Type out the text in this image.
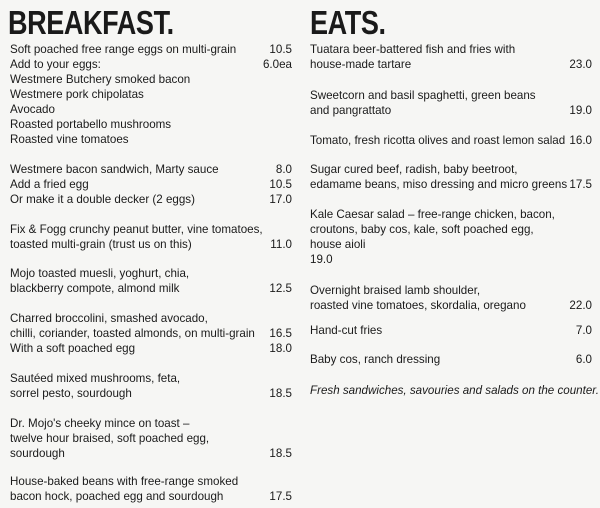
BREAKFAST.
Soft poached free range eggs on multi-grain	10.5
Add to your eggs:	6.0ea
Westmere Butchery smoked bacon
Westmere pork chipolatas
Avocado
Roasted portabello mushrooms
Roasted vine tomatoes
Westmere bacon sandwich, Marty sauce	8.0
Add a fried egg	10.5
Or make it a double decker (2 eggs)	17.0
Fix & Fogg crunchy peanut butter, vine tomatoes,
toasted multi-grain (trust us on this)	11.0
Mojo toasted muesli, yoghurt, chia,
blackberry compote, almond milk	12.5
Charred broccolini, smashed avocado,
chilli, coriander, toasted almonds, on multi-grain 16.5
With a soft poached egg	18.0
Sautéed mixed mushrooms, feta,
sorrel pesto, sourdough	18.5
Dr. Mojo's cheeky mince on toast –
twelve hour braised, soft poached egg,
sourdough	18.5
House-baked beans with free-range smoked
bacon hock, poached egg and sourdough	17.5
EATS.
Tuatara beer-battered fish and fries with
house-made tartare	23.0
Sweetcorn and basil spaghetti, green beans
and pangrattato	19.0
Tomato, fresh ricotta olives and roast lemon salad 16.0
Sugar cured beef, radish, baby beetroot,
edamame beans, miso dressing and micro greens 17.5
Kale Caesar salad – free-range chicken, bacon,
croutons, baby cos, kale, soft poached egg,
house aioli
19.0
Overnight braised lamb shoulder,
roasted vine tomatoes, skordalia, oregano	22.0
Hand-cut fries	7.0
Baby cos, ranch dressing	6.0
Fresh sandwiches, savouries and salads on the counter.
